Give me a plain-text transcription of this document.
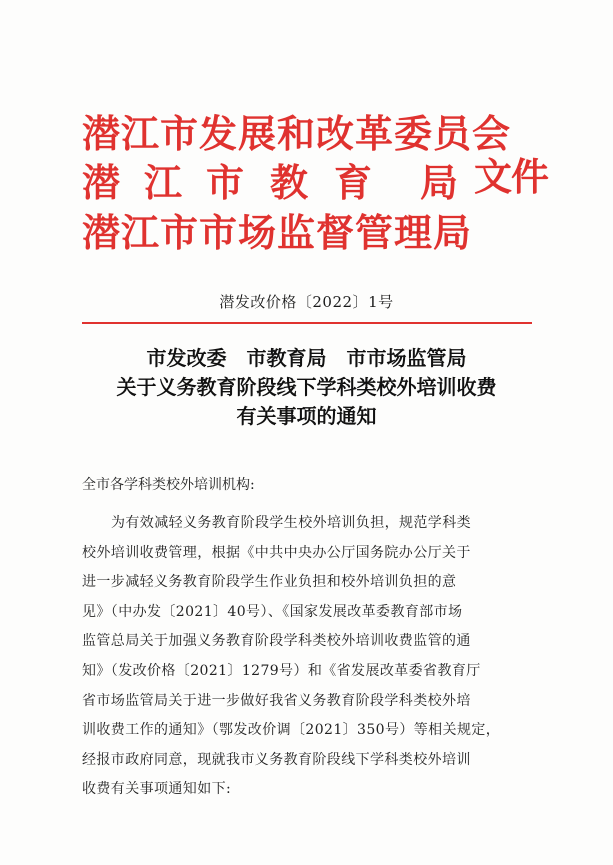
潜江市发展和改革委员会
潜 江 市 教 育 局
潜江市市场监督管理局
文件
潜发改价格〔2022〕1号
市发改委　市教育局　市市场监管局
关于义务教育阶段线下学科类校外培训收费
有关事项的通知
全市各学科类校外培训机构:
为有效减轻义务教育阶段学生校外培训负担，规范学科类
校外培训收费管理，根据《中共中央办公厅国务院办公厅关于
进一步减轻义务教育阶段学生作业负担和校外培训负担的意
见》（中办发〔2021〕40号）、《国家发展改革委教育部市场
监管总局关于加强义务教育阶段学科类校外培训收费监管的通
知》（发改价格〔2021〕1279号）和《省发展改革委省教育厅
省市场监管局关于进一步做好我省义务教育阶段学科类校外培
训收费工作的通知》（鄂发改价调〔2021〕350号）等相关规定，
经报市政府同意，现就我市义务教育阶段线下学科类校外培训
收费有关事项通知如下:
